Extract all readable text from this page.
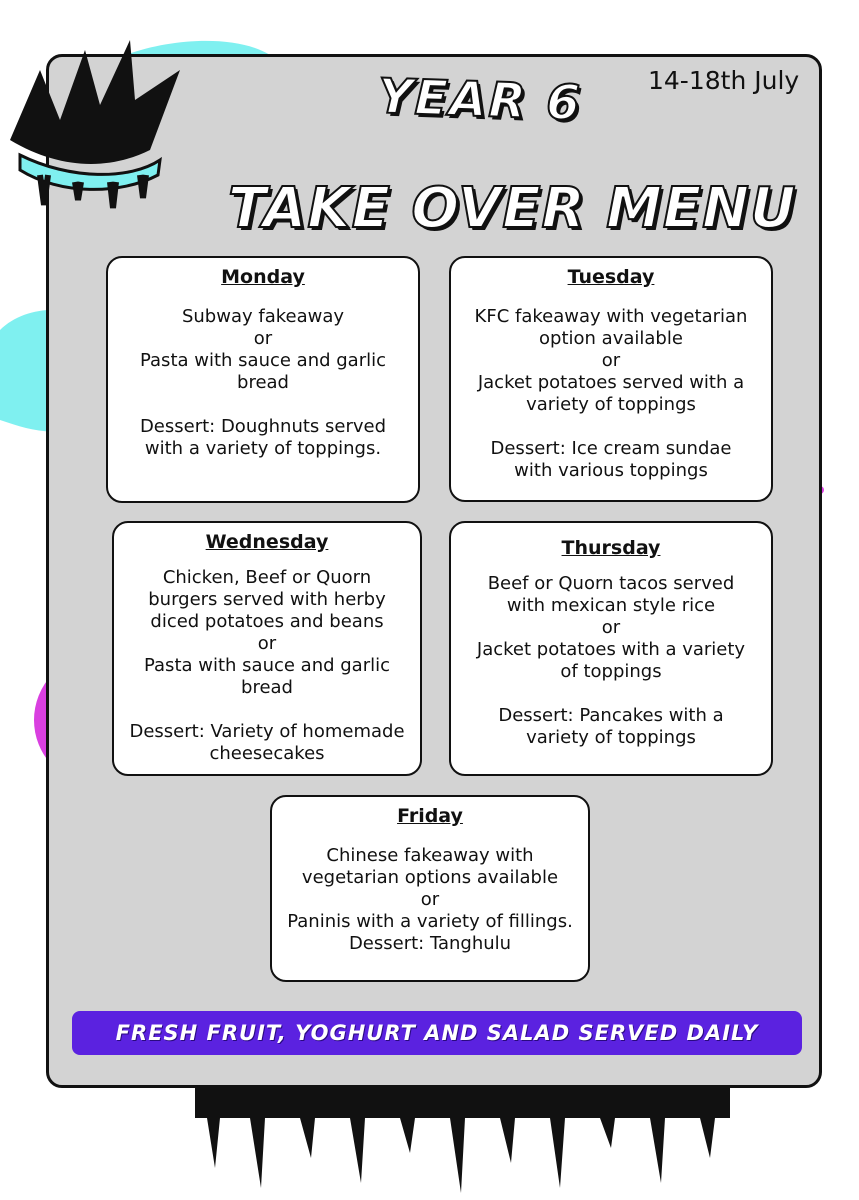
YEAR 6
TAKE OVER MENU
14-18th July
Monday
Subway fakeaway
or
Pasta with sauce and garlic
bread

Dessert: Doughnuts served
with a variety of toppings.
Tuesday
KFC fakeaway with vegetarian
option available
or
Jacket potatoes served with a
variety of toppings

Dessert: Ice cream sundae
with various toppings
Wednesday
Chicken, Beef or Quorn
burgers served with herby
diced potatoes and beans
or
Pasta with sauce and garlic
bread

Dessert: Variety of homemade
cheesecakes
Thursday
Beef or Quorn tacos served
with mexican style rice
or
Jacket potatoes with a variety
of toppings

Dessert: Pancakes with a
variety of toppings
Friday
Chinese fakeaway with
vegetarian options available
or
Paninis with a variety of fillings.
Dessert: Tanghulu
FRESH FRUIT, YOGHURT AND SALAD SERVED DAILY
